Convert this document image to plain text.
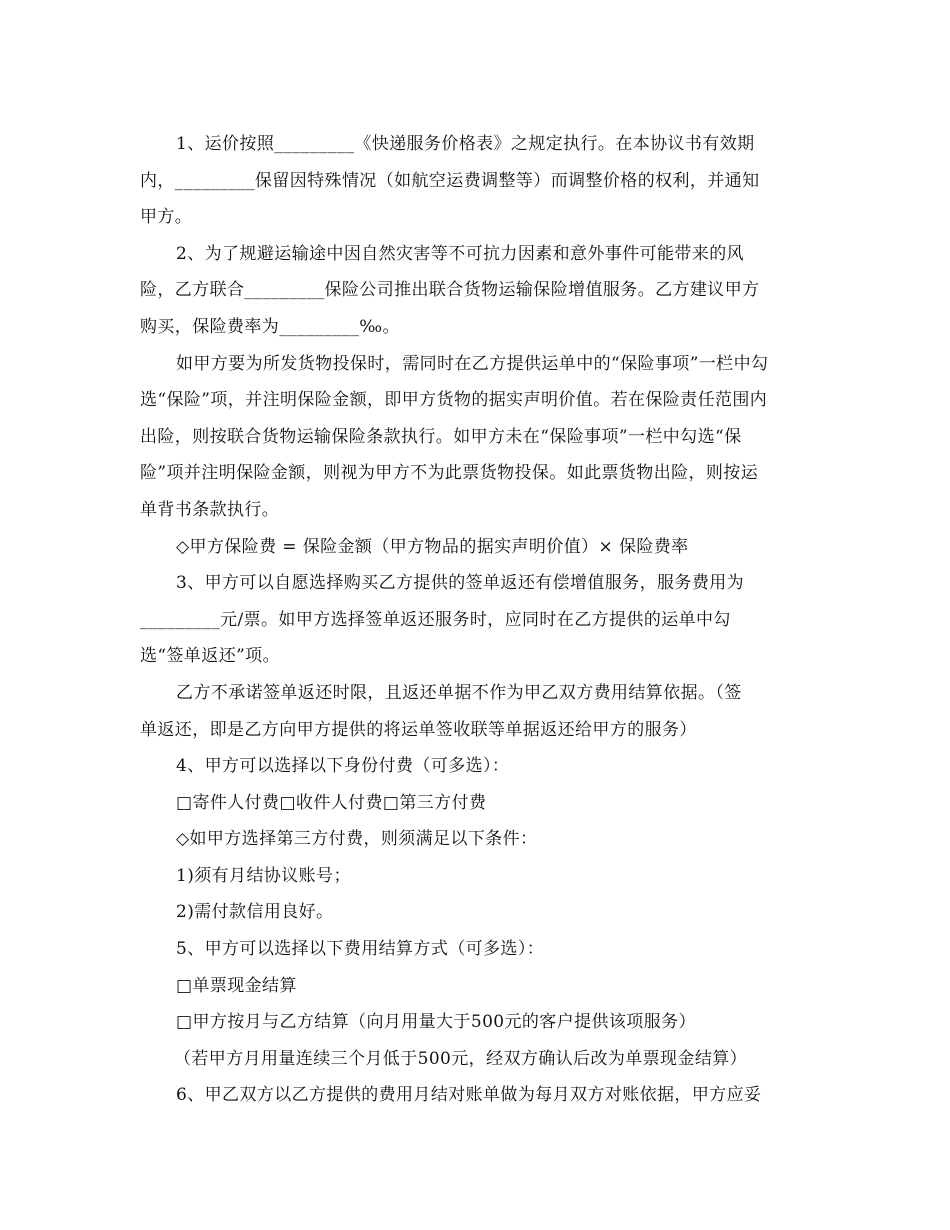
1、运价按照_________《快递服务价格表》之规定执行。在本协议书有效期
内，_________保留因特殊情况（如航空运费调整等）而调整价格的权利，并通知
甲方。
2、为了规避运输途中因自然灾害等不可抗力因素和意外事件可能带来的风
险，乙方联合_________保险公司推出联合货物运输保险增值服务。乙方建议甲方
购买，保险费率为_________‰。
如甲方要为所发货物投保时，需同时在乙方提供运单中的“保险事项”一栏中勾
选“保险”项，并注明保险金额，即甲方货物的据实声明价值。若在保险责任范围内
出险，则按联合货物运输保险条款执行。如甲方未在“保险事项”一栏中勾选“保
险”项并注明保险金额，则视为甲方不为此票货物投保。如此票货物出险，则按运
单背书条款执行。
◇甲方保险费 = 保险金额（甲方物品的据实声明价值）× 保险费率
3、甲方可以自愿选择购买乙方提供的签单返还有偿增值服务，服务费用为
_________元/票。如甲方选择签单返还服务时，应同时在乙方提供的运单中勾
选“签单返还”项。
乙方不承诺签单返还时限，且返还单据不作为甲乙双方费用结算依据。（签
单返还，即是乙方向甲方提供的将运单签收联等单据返还给甲方的服务）
4、甲方可以选择以下身份付费（可多选）：
□寄件人付费□收件人付费□第三方付费
◇如甲方选择第三方付费，则须满足以下条件：
1)须有月结协议账号；
2)需付款信用良好。
5、甲方可以选择以下费用结算方式（可多选）：
□单票现金结算
□甲方按月与乙方结算（向月用量大于500元的客户提供该项服务）
（若甲方月用量连续三个月低于500元，经双方确认后改为单票现金结算）
6、甲乙双方以乙方提供的费用月结对账单做为每月双方对账依据，甲方应妥
